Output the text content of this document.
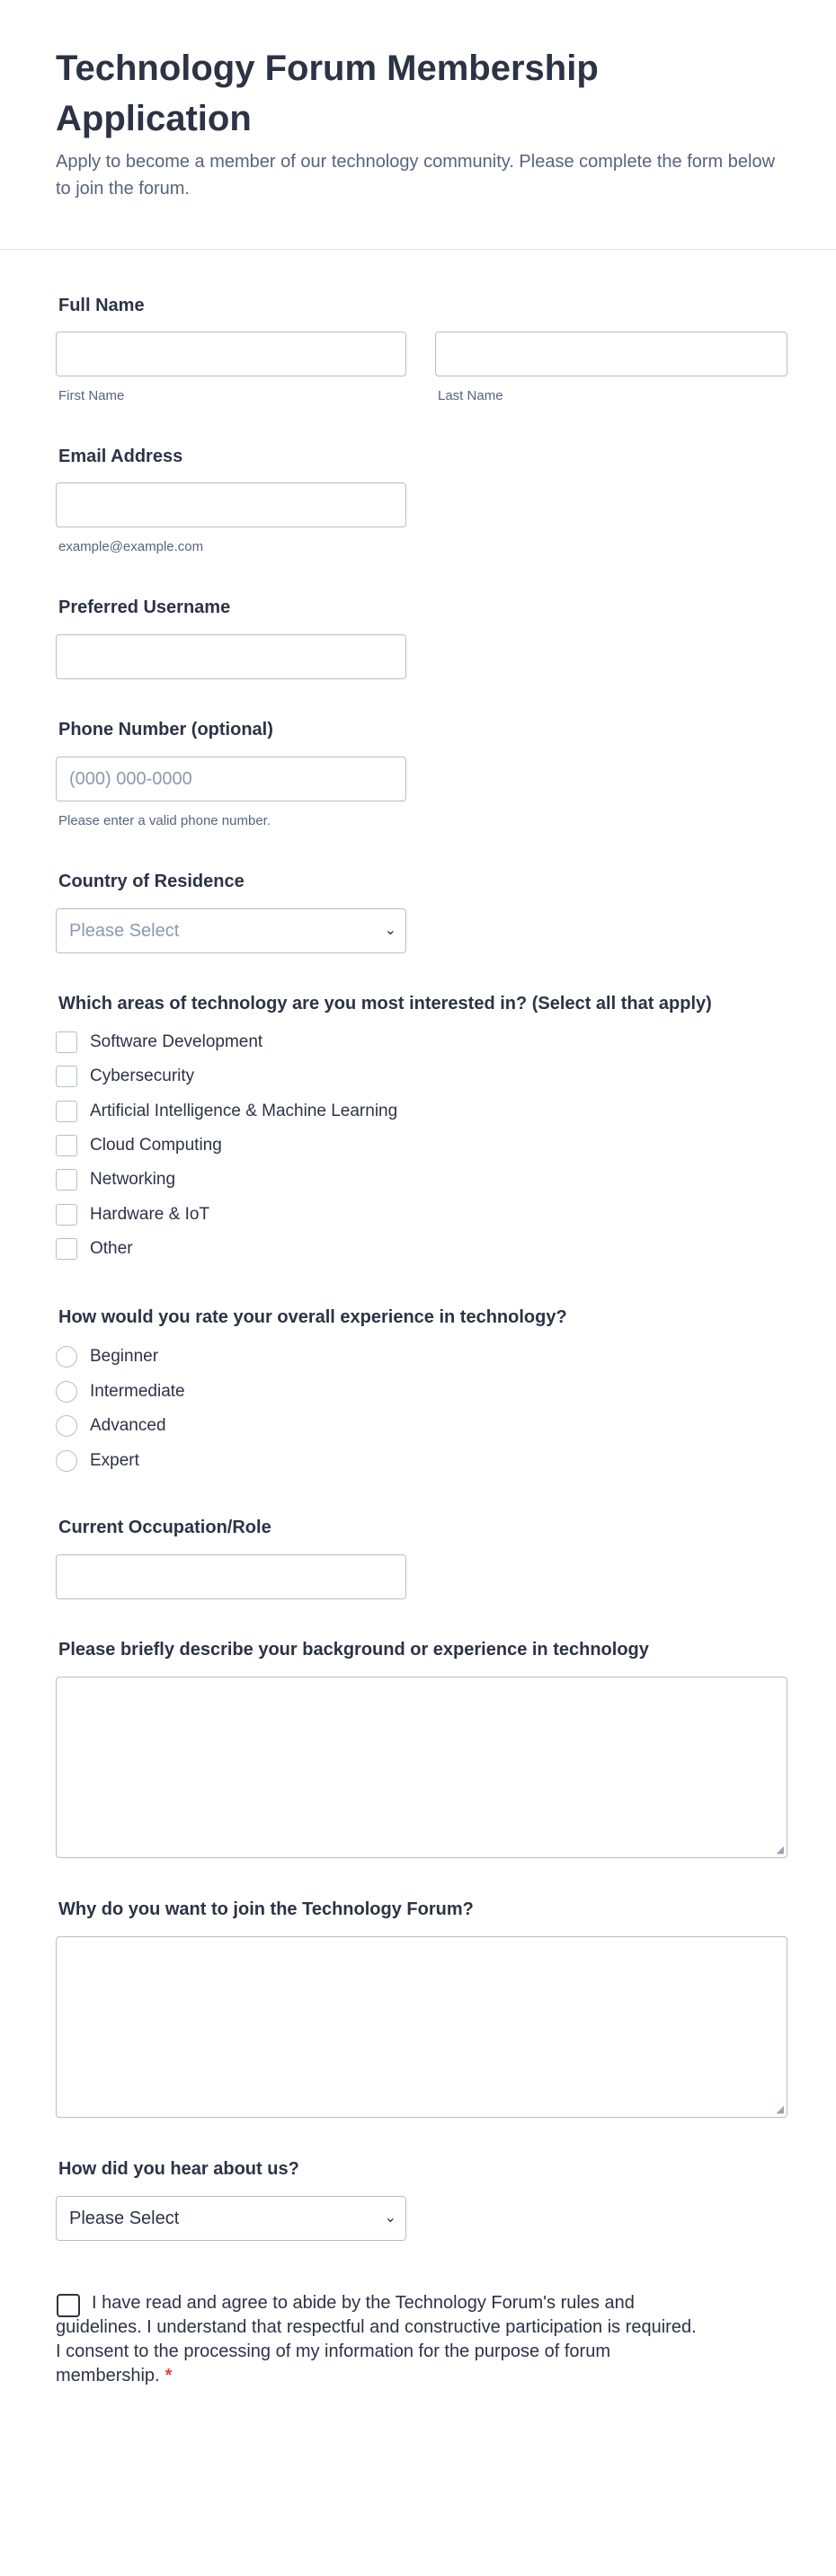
Technology Forum Membership Application
Apply to become a member of our technology community. Please complete the form below to join the forum.
Full Name
First Name	Last Name
Email Address
example@example.com
Preferred Username
Phone Number (optional)
(000) 000-0000
Please enter a valid phone number.
Country of Residence
Please Select	⌄
Which areas of technology are you most interested in? (Select all that apply)
Software Development
Cybersecurity
Artificial Intelligence & Machine Learning
Cloud Computing
Networking
Hardware & IoT
Other
How would you rate your overall experience in technology?
Beginner
Intermediate
Advanced
Expert
Current Occupation/Role
Please briefly describe your background or experience in technology
◢
Why do you want to join the Technology Forum?
◢
How did you hear about us?
Please Select	⌄
I have read and agree to abide by the Technology Forum's rules and guidelines. I understand that respectful and constructive participation is required. I consent to the processing of my information for the purpose of forum membership. *
